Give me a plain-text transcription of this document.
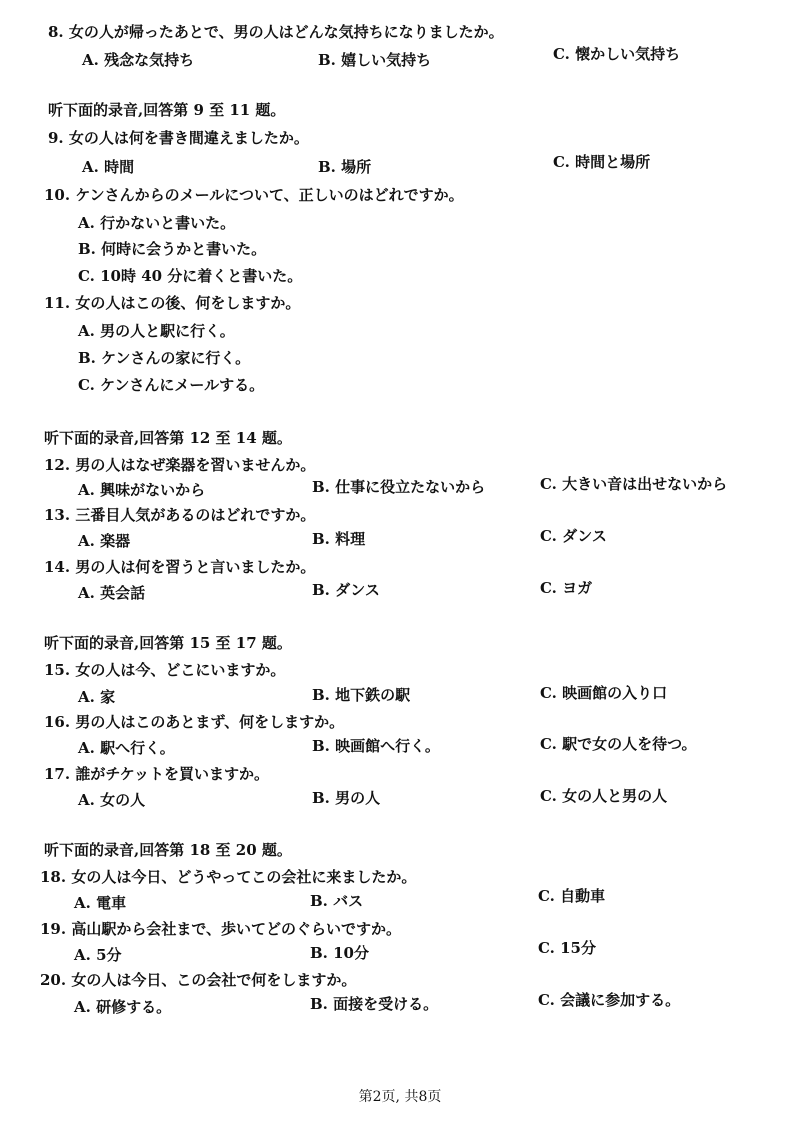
8. 女の人が帰ったあとで、男の人はどんな気持ちになりましたか。
A. 残念な気持ち	B. 嬉しい気持ち	C. 懐かしい気持ち
听下面的录音,回答第 9 至 11 题。
9. 女の人は何を書き間違えましたか。
A. 時間	B. 場所	C. 時間と場所
10. ケンさんからのメールについて、正しいのはどれですか。
A. 行かないと書いた。
B. 何時に会うかと書いた。
C. 10時 40 分に着くと書いた。
11. 女の人はこの後、何をしますか。
A. 男の人と駅に行く。
B. ケンさんの家に行く。
C. ケンさんにメールする。
听下面的录音,回答第 12 至 14 题。
12. 男の人はなぜ楽器を習いませんか。
A. 興味がないから	B. 仕事に役立たないから	C. 大きい音は出せないから
13. 三番目人気があるのはどれですか。
A. 楽器	B. 料理	C. ダンス
14. 男の人は何を習うと言いましたか。
A. 英会話	B. ダンス	C. ヨガ
听下面的录音,回答第 15 至 17 题。
15. 女の人は今、どこにいますか。
A. 家	B. 地下鉄の駅	C. 映画館の入り口
16. 男の人はこのあとまず、何をしますか。
A. 駅へ行く。	B. 映画館へ行く。	C. 駅で女の人を待つ。
17. 誰がチケットを買いますか。
A. 女の人	B. 男の人	C. 女の人と男の人
听下面的录音,回答第 18 至 20 题。
18. 女の人は今日、どうやってこの会社に来ましたか。
A. 電車	B. バス	C. 自動車
19. 高山駅から会社まで、歩いてどのぐらいですか。
A. 5分	B. 10分	C. 15分
20. 女の人は今日、この会社で何をしますか。
A. 研修する。	B. 面接を受ける。	C. 会議に参加する。
第2页, 共8页
